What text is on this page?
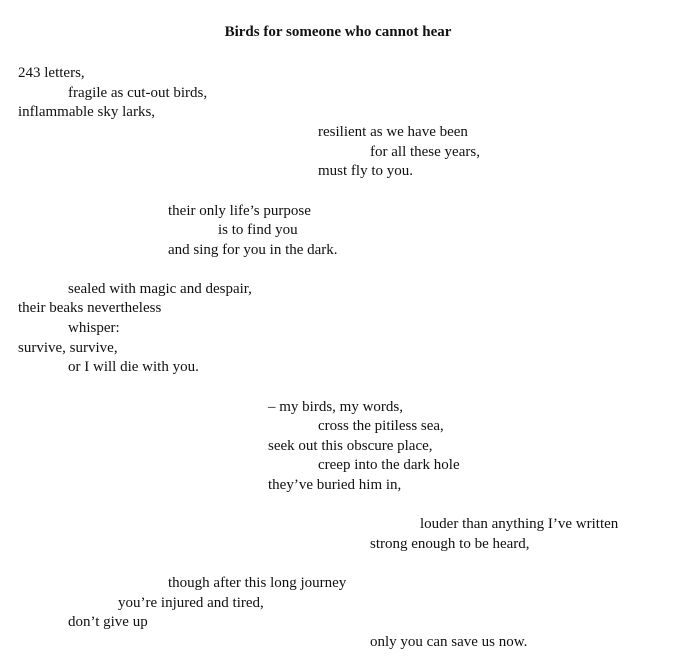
Birds for someone who cannot hear
243 letters,
fragile as cut-out birds,
inflammable sky larks,
resilient as we have been
for all these years,
must fly to you.
their only life’s purpose
is to find you
and sing for you in the dark.
sealed with magic and despair,
their beaks nevertheless
whisper:
survive, survive,
or I will die with you.
– my birds, my words,
cross the pitiless sea,
seek out this obscure place,
creep into the dark hole
they’ve buried him in,
louder than anything I’ve written
strong enough to be heard,
though after this long journey
you’re injured and tired,
don’t give up
only you can save us now.
